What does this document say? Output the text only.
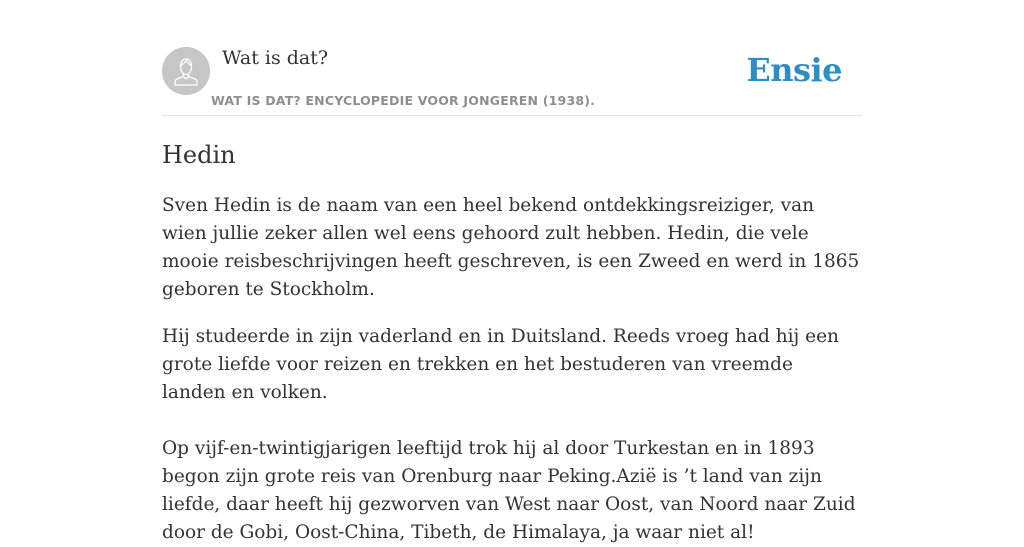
Wat is dat?
WAT IS DAT? ENCYCLOPEDIE VOOR JONGEREN (1938).
Ensie
Hedin

Sven Hedin is de naam van een heel bekend ontdekkingsreiziger, van wien jullie zeker allen wel eens gehoord zult hebben. Hedin, die vele mooie reisbeschrijvingen heeft geschreven, is een Zweed en werd in 1865 geboren te Stockholm.

Hij studeerde in zijn vaderland en in Duitsland. Reeds vroeg had hij een grote liefde voor reizen en trekken en het bestuderen van vreemde landen en volken.

Op vijf-en-twintigjarigen leeftijd trok hij al door Turkestan en in 1893 begon zijn grote reis van Orenburg naar Peking.Azië is ’t land van zijn liefde, daar heeft hij gezworven van West naar Oost, van Noord naar Zuid door de Gobi, Oost-China, Tibeth, de Himalaya, ja waar niet al!
